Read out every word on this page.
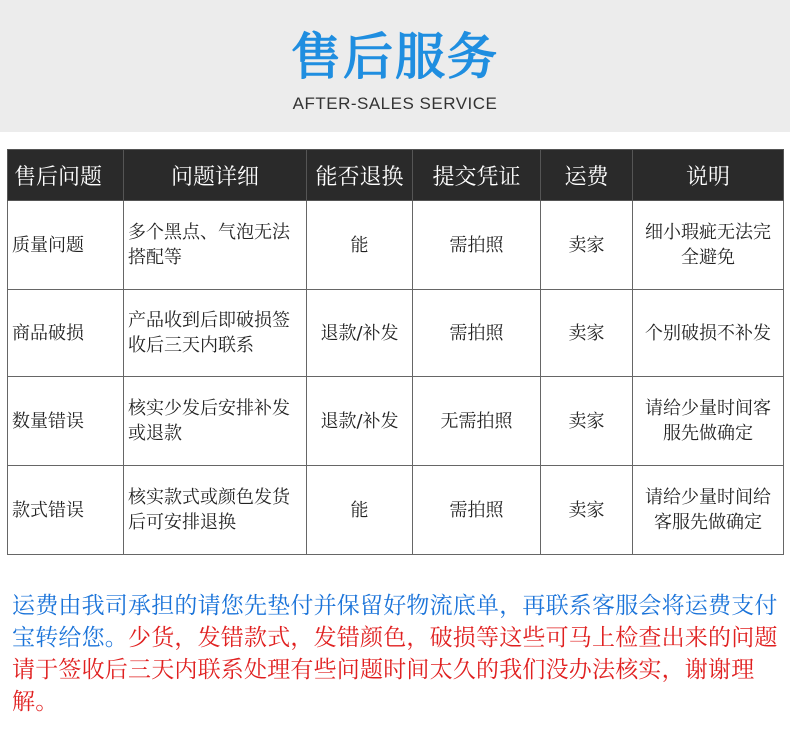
售后服务
AFTER-SALES SERVICE
售后问题	问题详细	能否退换	提交凭证	运费	说明
质量问题	多个黑点、气泡无法搭配等	能	需拍照	卖家	细小瑕疵无法完全避免
商品破损	产品收到后即破损签收后三天内联系	退款/补发	需拍照	卖家	个别破损不补发
数量错误	核实少发后安排补发或退款	退款/补发	无需拍照	卖家	请给少量时间客服先做确定
款式错误	核实款式或颜色发货后可安排退换	能	需拍照	卖家	请给少量时间给客服先做确定
运费由我司承担的请您先垫付并保留好物流底单，再联系客服会将运费支付宝转给您。少货，发错款式，发错颜色，破损等这些可马上检查出来的问题请于签收后三天内联系处理有些问题时间太久的我们没办法核实，谢谢理解。
